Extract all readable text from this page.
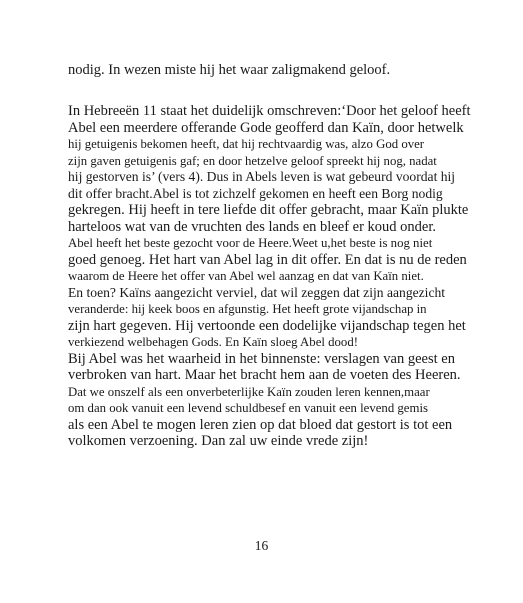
nodig. In wezen miste hij het waar zaligmakend geloof.
In Hebreeën 11 staat het duidelijk omschreven:‘Door het geloof heeft
Abel een meerdere offerande Gode geofferd dan Kaïn, door hetwelk
hij getuigenis bekomen heeft, dat hij rechtvaardig was, alzo God over
zijn gaven getuigenis gaf; en door hetzelve geloof spreekt hij nog, nadat
hij gestorven is’ (vers 4). Dus in Abels leven is wat gebeurd voordat hij
dit offer bracht.Abel is tot zichzelf gekomen en heeft een Borg nodig
gekregen. Hij heeft in tere liefde dit offer gebracht, maar Kaïn plukte
harteloos wat van de vruchten des lands en bleef er koud onder.
Abel heeft het beste gezocht voor de Heere.Weet u,het beste is nog niet
goed genoeg. Het hart van Abel lag in dit offer. En dat is nu de reden
waarom de Heere het offer van Abel wel aanzag en dat van Kaïn niet.
En toen? Kaïns aangezicht verviel, dat wil zeggen dat zijn aangezicht
veranderde: hij keek boos en afgunstig. Het heeft grote vijandschap in
zijn hart gegeven. Hij vertoonde een dodelijke vijandschap tegen het
verkiezend welbehagen Gods. En Kaïn sloeg Abel dood!
Bij Abel was het waarheid in het binnenste: verslagen van geest en
verbroken van hart. Maar het bracht hem aan de voeten des Heeren.
Dat we onszelf als een onverbeterlijke Kaïn zouden leren kennen,maar
om dan ook vanuit een levend schuldbesef en vanuit een levend gemis
als een Abel te mogen leren zien op dat bloed dat gestort is tot een
volkomen verzoening. Dan zal uw einde vrede zijn!
16
